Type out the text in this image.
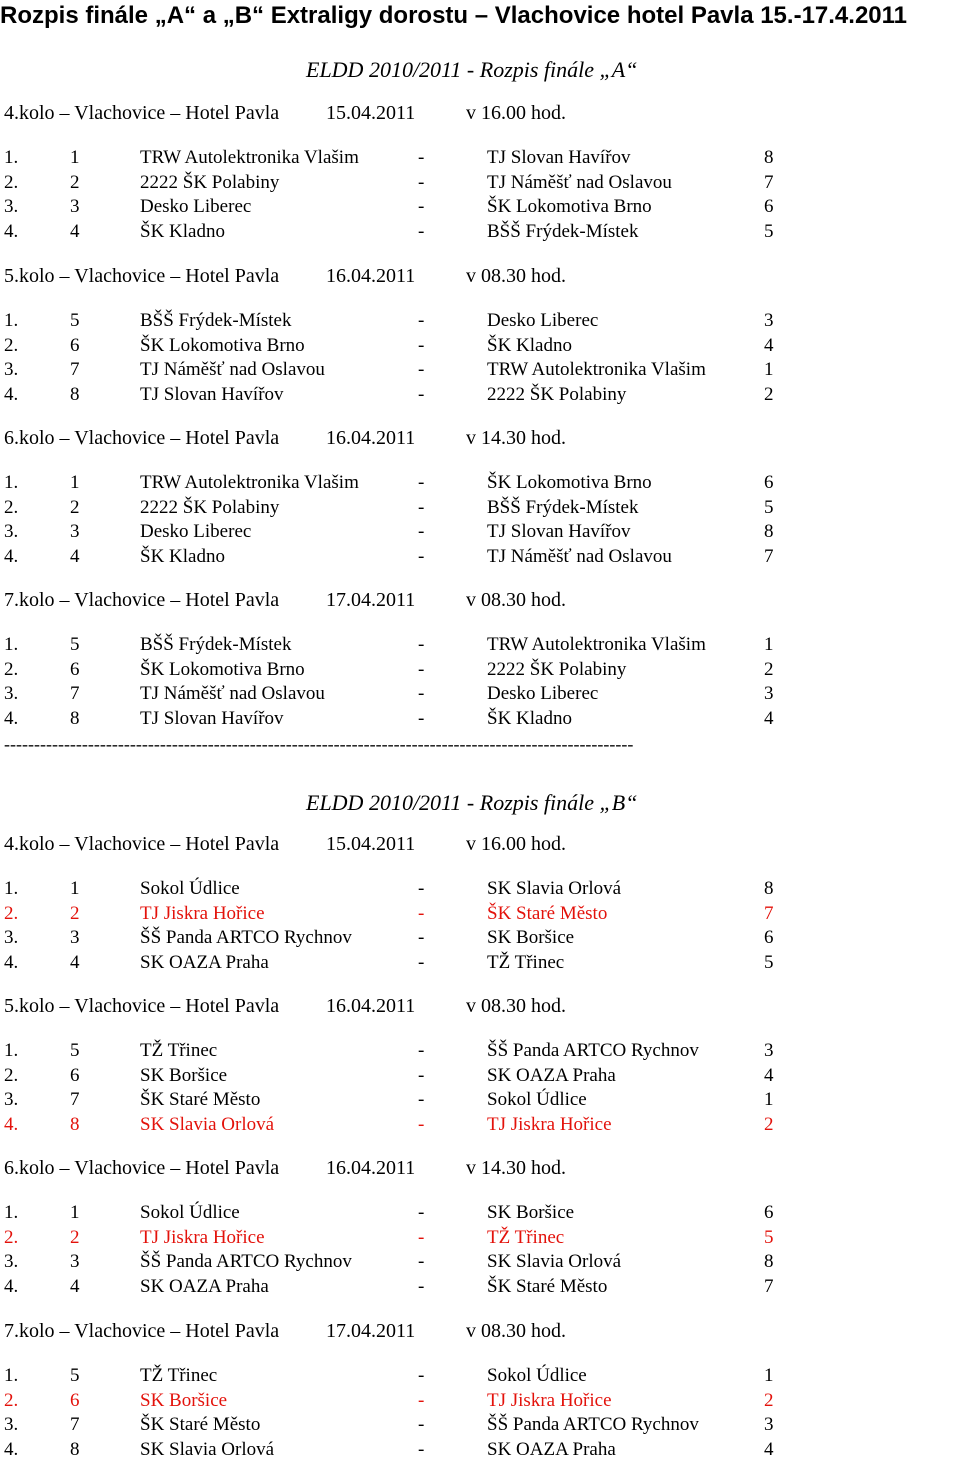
Rozpis finále „A“ a „B“ Extraligy dorostu – Vlachovice hotel Pavla 15.-17.4.2011
ELDD 2010/2011 - Rozpis finále „A“
4.kolo – Vlachovice – Hotel Pavla 15.04.2011	v 16.00 hod.
1.	1	TRW Autolektronika Vlašim	-	TJ Slovan Havířov	8
2.	2	2222 ŠK Polabiny	-	TJ Náměšť nad Oslavou	7
3.	3	Desko Liberec	-	ŠK Lokomotiva Brno	6
4.	4	ŠK Kladno	-	BŠŠ Frýdek-Místek	5
5.kolo – Vlachovice – Hotel Pavla 16.04.2011	v 08.30 hod.
1.	5	BŠŠ Frýdek-Místek	-	Desko Liberec	3
2.	6	ŠK Lokomotiva Brno	-	ŠK Kladno	4
3.	7	TJ Náměšť nad Oslavou	-	TRW Autolektronika Vlašim	1
4.	8	TJ Slovan Havířov	-	2222 ŠK Polabiny	2
6.kolo – Vlachovice – Hotel Pavla 16.04.2011	v 14.30 hod.
1.	1	TRW Autolektronika Vlašim	-	ŠK Lokomotiva Brno	6
2.	2	2222 ŠK Polabiny	-	BŠŠ Frýdek-Místek	5
3.	3	Desko Liberec	-	TJ Slovan Havířov	8
4.	4	ŠK Kladno	-	TJ Náměšť nad Oslavou	7
7.kolo – Vlachovice – Hotel Pavla 17.04.2011	v 08.30 hod.
1.	5	BŠŠ Frýdek-Místek	-	TRW Autolektronika Vlašim	1
2.	6	ŠK Lokomotiva Brno	-	2222 ŠK Polabiny	2
3.	7	TJ Náměšť nad Oslavou	-	Desko Liberec	3
4.	8	TJ Slovan Havířov	-	ŠK Kladno	4
ELDD 2010/2011 - Rozpis finále „B“
4.kolo – Vlachovice – Hotel Pavla 15.04.2011	v 16.00 hod.
1.	1	Sokol Údlice	-	SK Slavia Orlová	8
2.	2	TJ Jiskra Hořice	-	ŠK Staré Město	7
3.	3	ŠŠ Panda ARTCO Rychnov	-	SK Boršice	6
4.	4	SK OAZA Praha	-	TŽ Třinec	5
5.kolo – Vlachovice – Hotel Pavla 16.04.2011	v 08.30 hod.
1.	5	TŽ Třinec	-	ŠŠ Panda ARTCO Rychnov	3
2.	6	SK Boršice	-	SK OAZA Praha	4
3.	7	ŠK Staré Město	-	Sokol Údlice	1
4.	8	SK Slavia Orlová	-	TJ Jiskra Hořice	2
6.kolo – Vlachovice – Hotel Pavla 16.04.2011	v 14.30 hod.
1.	1	Sokol Údlice	-	SK Boršice	6
2.	2	TJ Jiskra Hořice	-	TŽ Třinec	5
3.	3	ŠŠ Panda ARTCO Rychnov	-	SK Slavia Orlová	8
4.	4	SK OAZA Praha	-	ŠK Staré Město	7
7.kolo – Vlachovice – Hotel Pavla 17.04.2011	v 08.30 hod.
1.	5	TŽ Třinec	-	Sokol Údlice	1
2.	6	SK Boršice	-	TJ Jiskra Hořice	2
3.	7	ŠK Staré Město	-	ŠŠ Panda ARTCO Rychnov	3
4.	8	SK Slavia Orlová	-	SK OAZA Praha	4
---------------------------------------------------------------------------------------------------------
